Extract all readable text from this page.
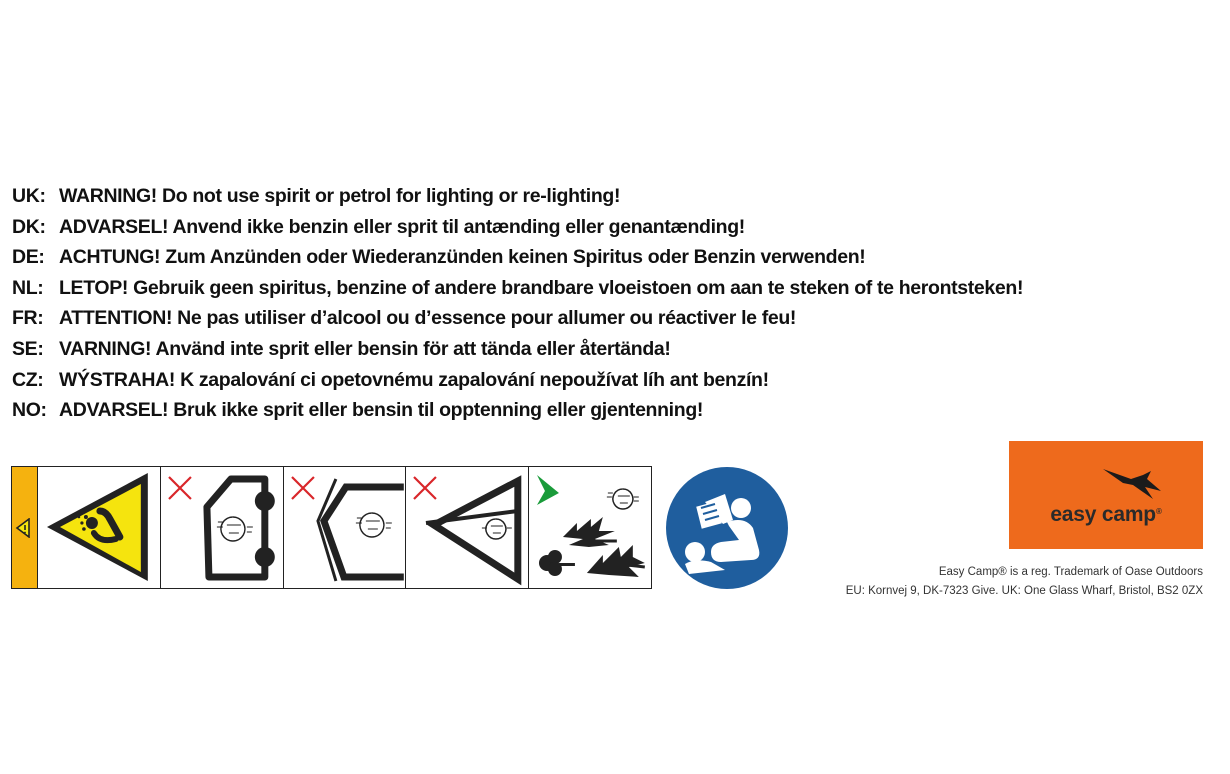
UK: WARNING! Do not use spirit or petrol for lighting or re-lighting!
DK: ADVARSEL! Anvend ikke benzin eller sprit til antænding eller genantænding!
DE: ACHTUNG! Zum Anzünden oder Wiederanzünden keinen Spiritus oder Benzin verwenden!
NL: LETOP! Gebruik geen spiritus, benzine of andere brandbare vloeistoen om aan te steken of te herontsteken!
FR: ATTENTION! Ne pas utiliser d’alcool ou d’essence pour allumer ou réactiver le feu!
SE: VARNING! Använd inte sprit eller bensin för att tända eller återtända!
CZ: WÝSTRAHA! K zapalování ci opetovnému zapalování nepoužívat líh ant benzín!
NO: ADVARSEL! Bruk ikke sprit eller bensin til opptenning eller gjentenning!
easy camp®
Easy Camp® is a reg. Trademark of Oase Outdoors
EU: Kornvej 9, DK-7323 Give. UK: One Glass Wharf, Bristol, BS2 0ZX
